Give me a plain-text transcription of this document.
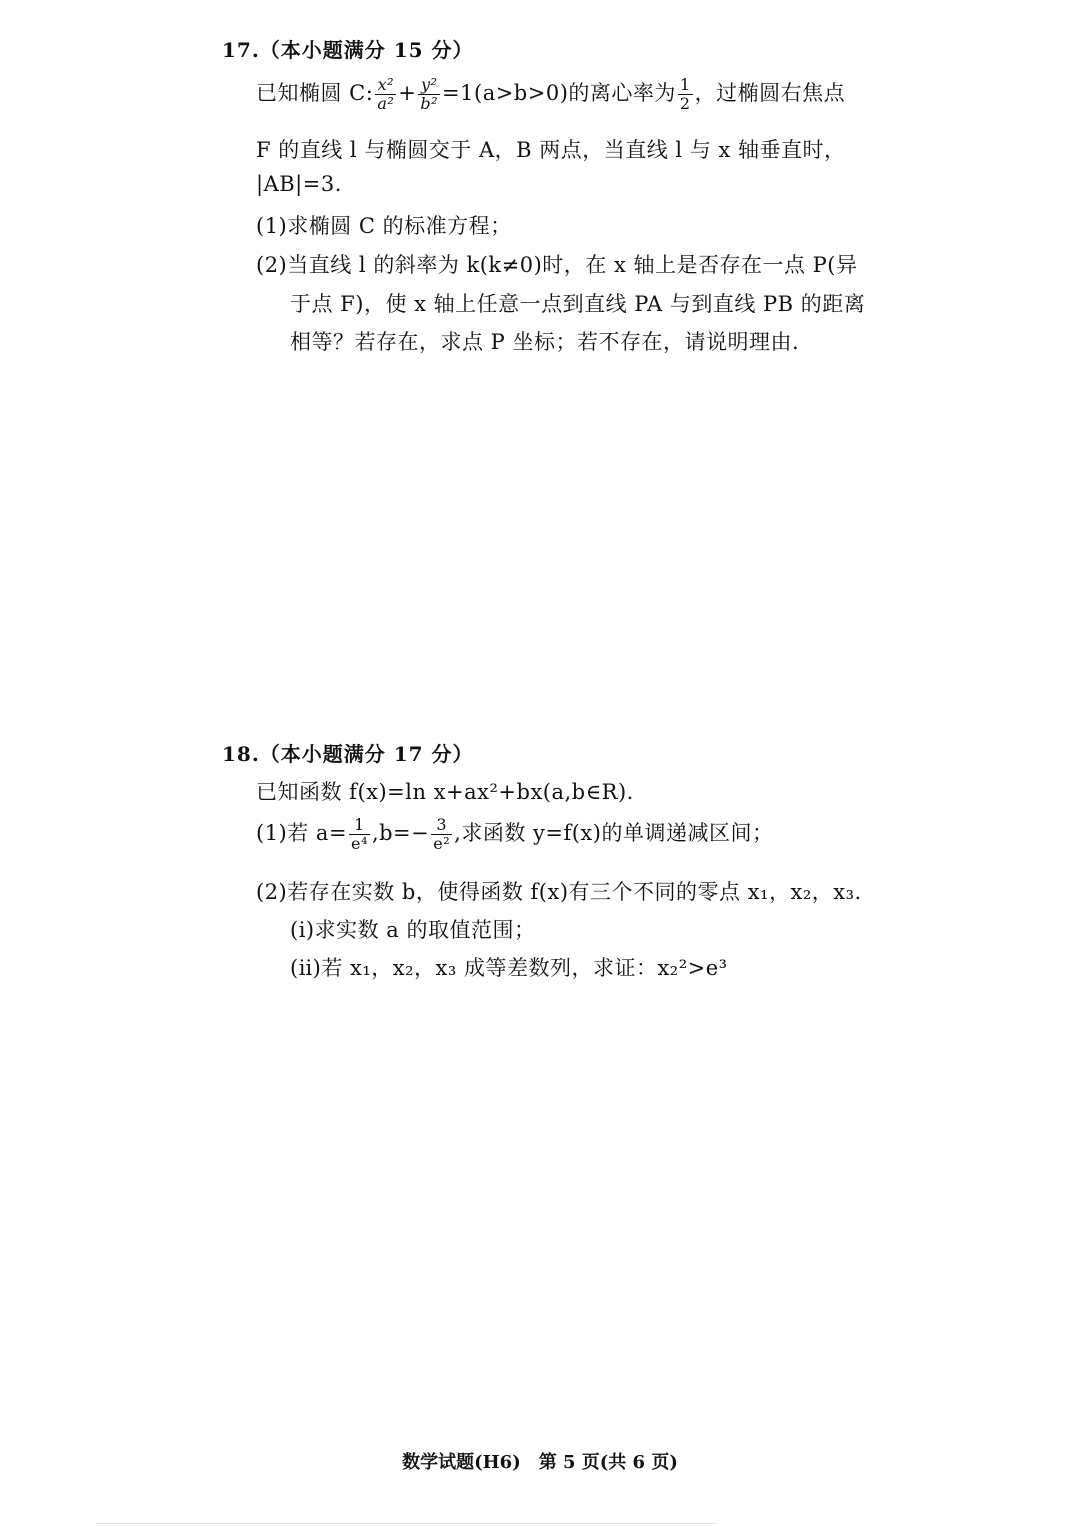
17.（本小题满分 15 分）
已知椭圆 C: $\frac{\text{x²}}{\text{a²}} + \frac{\text{y²}}{\text{b²}} =1(a>b>0)$的离心率为 $\frac{1}{2}$ ，过椭圆右焦点
F 的直线 l 与椭圆交于 A，B 两点，当直线 l 与 x 轴垂直时，
|AB|=3.
(1)求椭圆 C 的标准方程；
(2)当直线 l 的斜率为 k(k≠0)时，在 x 轴上是否存在一点 P(异
于点 F)，使 x 轴上任意一点到直线 PA 与到直线 PB 的距离
相等？若存在，求点 P 坐标；若不存在，请说明理由.
18.（本小题满分 17 分）
已知函数 f(x)=ln x+ax²+bx(a,b∈R).
(1)若 $a= \frac{1}{\text{e⁴}} ,b=- \frac{3}{\text{e²}}$ ,求函数 y=f(x)的单调递减区间；
(2)若存在实数 b，使得函数 f(x)有三个不同的零点 x₁，x₂，x₃.
(ⅰ)求实数 a 的取值范围；
(ⅱ)若 x₁，x₂，x₃ 成等差数列，求证：x₂²>e³
数学试题(H6)　第 5 页(共 6 页)
